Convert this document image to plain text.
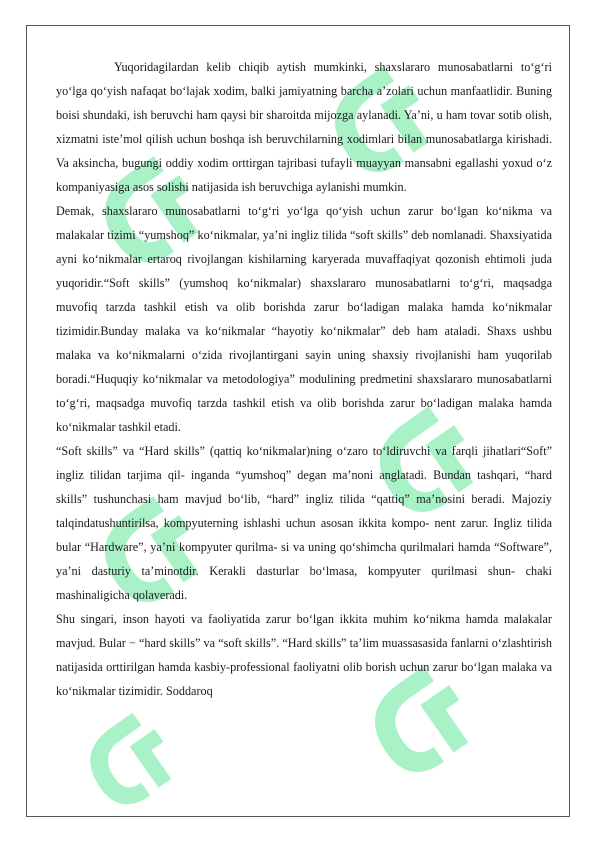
Yuqoridagilardan kelib chiqib aytish mumkinki, shaxslararo munosabatlarni to‘g‘ri yo‘lga qo‘yish nafaqat bo‘lajak xodim, balki jamiyatning barcha a’zolari uchun manfaatlidir. Buning boisi shundaki, ish beruvchi ham qaysi bir sharoitda mijozga aylanadi. Ya’ni, u ham tovar sotib olish, xizmatni iste’mol qilish uchun boshqa ish beruvchilarning xodimlari bilan munosabatlarga kirishadi. Va aksincha, bugungi oddiy xodim orttirgan tajribasi tufayli muayyan mansabni egallashi yoxud o‘z kompaniyasiga asos solishi natijasida ish beruvchiga aylanishi mumkin.

Demak, shaxslararo munosabatlarni to‘g‘ri yo‘lga qo‘yish uchun zarur bo‘lgan ko‘nikma va malakalar tizimi “yumshoq” ko‘nikmalar, ya’ni ingliz tilida “soft skills” deb nomlanadi. Shaxsiyatida ayni ko‘nikmalar ertaroq rivojlangan kishilarning karyerada muvaffaqiyat qozonish ehtimoli juda yuqoridir.“Soft skills” (yumshoq ko‘nikmalar) shaxslararo munosabatlarni to‘g‘ri, maqsadga muvofiq tarzda tashkil etish va olib borishda zarur bo‘ladigan malaka hamda ko‘nikmalar tizimidir.Bunday malaka va ko‘nikmalar “hayotiy ko‘nikmalar” deb ham ataladi. Shaxs ushbu malaka va ko‘nikmalarni o‘zida rivojlantirgani sayin uning shaxsiy rivojlanishi ham yuqorilab boradi.“Huquqiy ko‘nikmalar va metodologiya” modulining predmetini shaxslararo munosabatlarni to‘g‘ri, maqsadga muvofiq tarzda tashkil etish va olib borishda zarur bo‘ladigan malaka hamda ko‘nikmalar tashkil etadi.

“Soft skills” va “Hard skills” (qattiq ko‘nikmalar)ning o‘zaro to‘ldiruvchi va farqli jihatlari“Soft” ingliz tilidan tarjima qil- inganda “yumshoq” degan ma’noni anglatadi. Bundan tashqari, “hard skills” tushunchasi ham mavjud bo‘lib, “hard” ingliz tilida “qattiq” ma’nosini beradi. Majoziy talqindatushuntirilsa, kompyuterning ishlashi uchun asosan ikkita kompo- nent zarur. Ingliz tilida bular “Hardware”, ya’ni kompyuter qurilma- si va uning qo‘shimcha qurilmalari hamda “Software”, ya’ni dasturiy ta’minotdir. Kerakli dasturlar bo‘lmasa, kompyuter qurilmasi shun- chaki mashinaligicha qolaveradi.

Shu singari, inson hayoti va faoliyatida zarur bo‘lgan ikkita muhim ko‘nikma hamda malakalar mavjud. Bular − “hard skills” va “soft skills”. “Hard skills” ta’lim muassasasida fanlarni o‘zlashtirish natijasida orttirilgan hamda kasbiy-professional faoliyatni olib borish uchun zarur bo‘lgan malaka va ko‘nikmalar tizimidir. Soddaroq
